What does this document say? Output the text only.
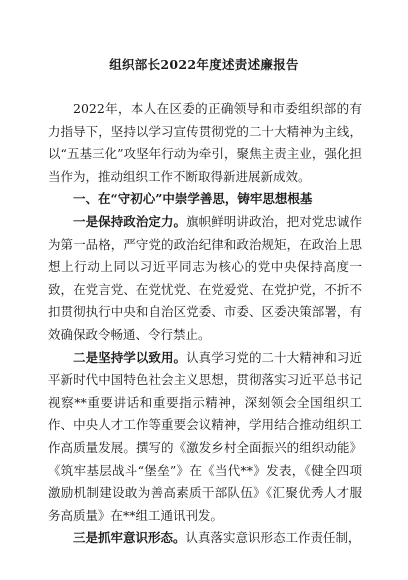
组织部长2022年度述责述廉报告

2022年，本人在区委的正确领导和市委组织部的有力指导下，坚持以学习宣传贯彻党的二十大精神为主线，以“五基三化”攻坚年行动为牵引，聚焦主责主业，强化担当作为，推动组织工作不断取得新进展新成效。

一、在“守初心”中崇学善思，铸牢思想根基

一是保持政治定力。旗帜鲜明讲政治，把对党忠诚作为第一品格，严守党的政治纪律和政治规矩，在政治上思想上行动上同以习近平同志为核心的党中央保持高度一致，在党言党、在党忧党、在党爱党、在党护党，不折不扣贯彻执行中央和自治区党委、市委、区委决策部署，有效确保政令畅通、令行禁止。

二是坚持学以致用。认真学习党的二十大精神和习近平新时代中国特色社会主义思想，贯彻落实习近平总书记视察**重要讲话和重要指示精神，深刻领会全国组织工作、中央人才工作等重要会议精神，学用结合推动组织工作高质量发展。撰写的《激发乡村全面振兴的组织动能》《筑牢基层战斗“堡垒”》在《当代**》发表，《健全四项激励机制建设敢为善高素质干部队伍》《汇聚优秀人才服务高质量》在**组工通讯刊发。

三是抓牢意识形态。认真落实意识形态工作责任制，
